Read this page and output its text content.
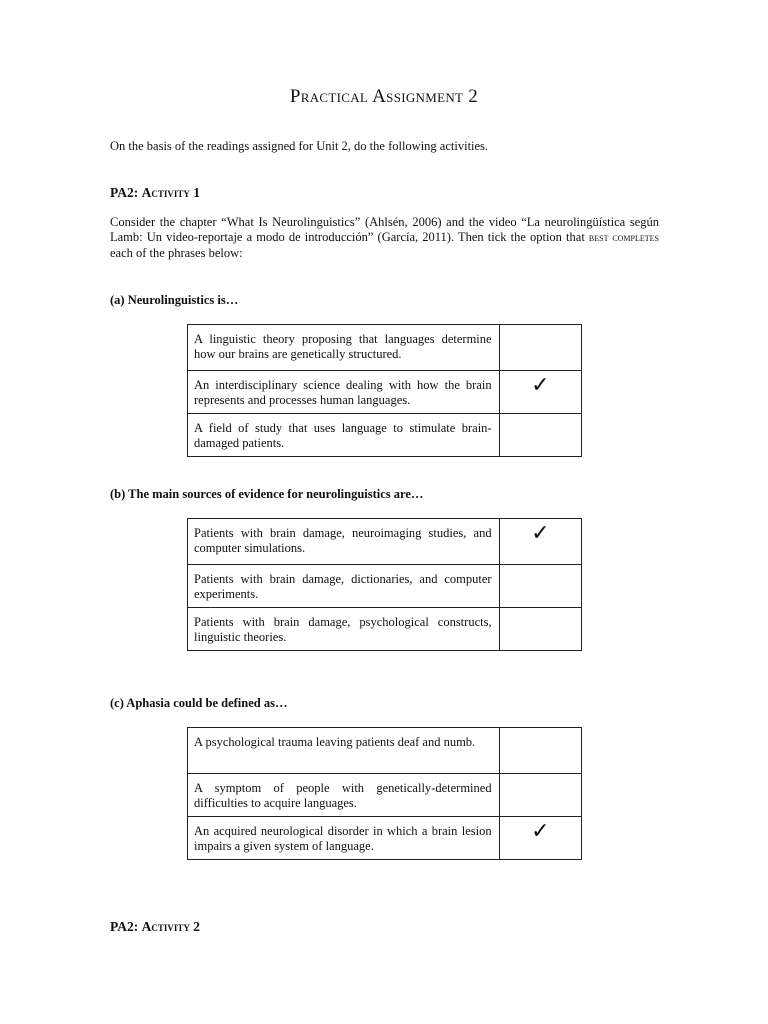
Practical Assignment 2
On the basis of the readings assigned for Unit 2, do the following activities.
PA2: Activity 1
Consider the chapter “What Is Neurolinguistics” (Ahlsén, 2006) and the video “La neurolingüística según Lamb: Un video-reportaje a modo de introducción” (García, 2011). Then tick the option that best completes each of the phrases below:
(a) Neurolinguistics is…
A linguistic theory proposing that languages determine how our brains are genetically structured.	
An interdisciplinary science dealing with how the brain represents and processes human languages.	✓
A field of study that uses language to stimulate brain-damaged patients.	
(b) The main sources of evidence for neurolinguistics are…
Patients with brain damage, neuroimaging studies, and computer simulations.	✓
Patients with brain damage, dictionaries, and computer experiments.	
Patients with brain damage, psychological constructs, linguistic theories.	
(c) Aphasia could be defined as…
A psychological trauma leaving patients deaf and numb.	
A symptom of people with genetically-determined difficulties to acquire languages.	
An acquired neurological disorder in which a brain lesion impairs a given system of language.	✓
PA2: Activity 2
